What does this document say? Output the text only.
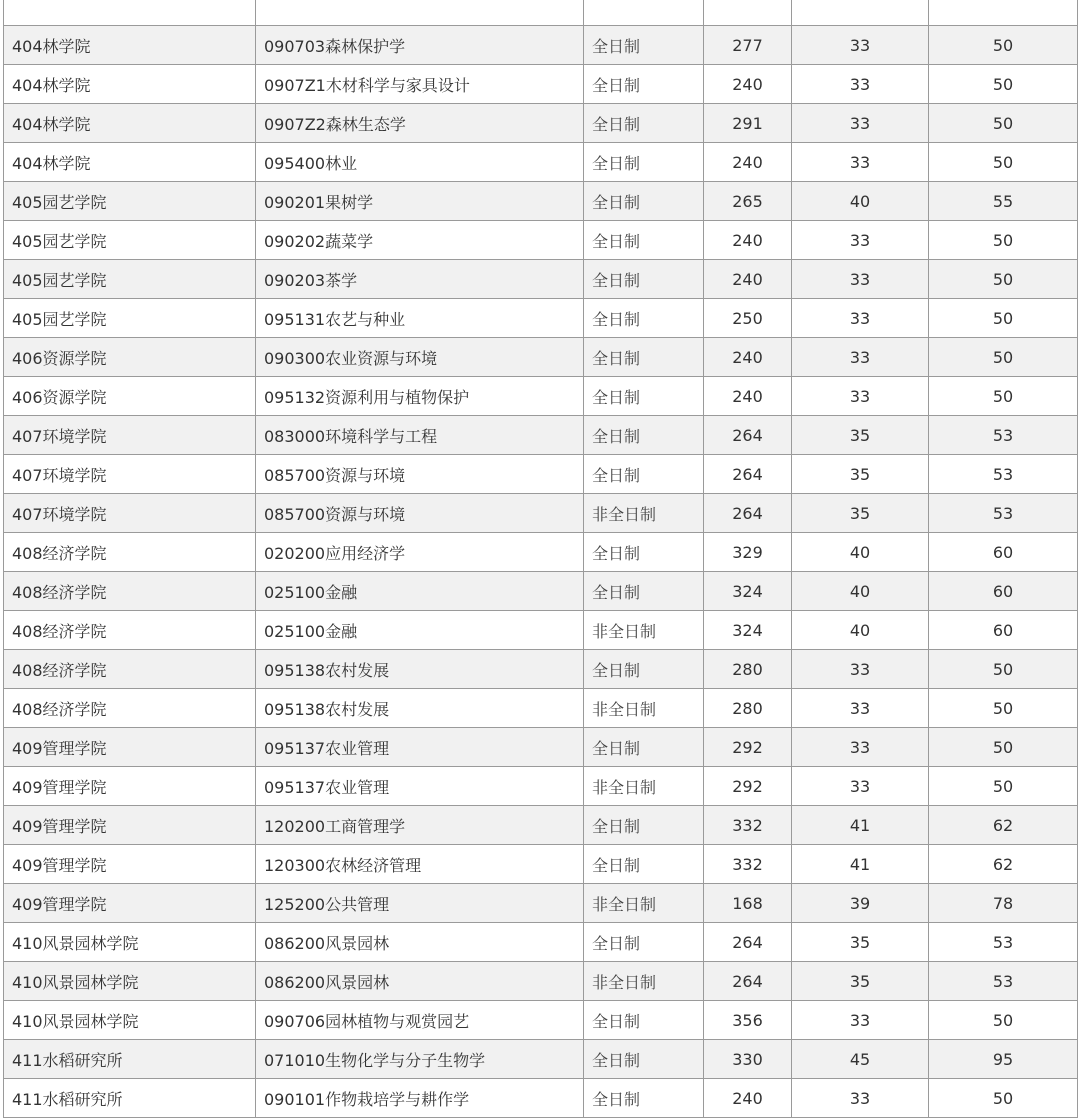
404林学院	090703森林保护学	全日制	277	33	50
404林学院	0907Z1木材科学与家具设计	全日制	240	33	50
404林学院	0907Z2森林生态学	全日制	291	33	50
404林学院	095400林业	全日制	240	33	50
405园艺学院	090201果树学	全日制	265	40	55
405园艺学院	090202蔬菜学	全日制	240	33	50
405园艺学院	090203茶学	全日制	240	33	50
405园艺学院	095131农艺与种业	全日制	250	33	50
406资源学院	090300农业资源与环境	全日制	240	33	50
406资源学院	095132资源利用与植物保护	全日制	240	33	50
407环境学院	083000环境科学与工程	全日制	264	35	53
407环境学院	085700资源与环境	全日制	264	35	53
407环境学院	085700资源与环境	非全日制	264	35	53
408经济学院	020200应用经济学	全日制	329	40	60
408经济学院	025100金融	全日制	324	40	60
408经济学院	025100金融	非全日制	324	40	60
408经济学院	095138农村发展	全日制	280	33	50
408经济学院	095138农村发展	非全日制	280	33	50
409管理学院	095137农业管理	全日制	292	33	50
409管理学院	095137农业管理	非全日制	292	33	50
409管理学院	120200工商管理学	全日制	332	41	62
409管理学院	120300农林经济管理	全日制	332	41	62
409管理学院	125200公共管理	非全日制	168	39	78
410风景园林学院	086200风景园林	全日制	264	35	53
410风景园林学院	086200风景园林	非全日制	264	35	53
410风景园林学院	090706园林植物与观赏园艺	全日制	356	33	50
411水稻研究所	071010生物化学与分子生物学	全日制	330	45	95
411水稻研究所	090101作物栽培学与耕作学	全日制	240	33	50
